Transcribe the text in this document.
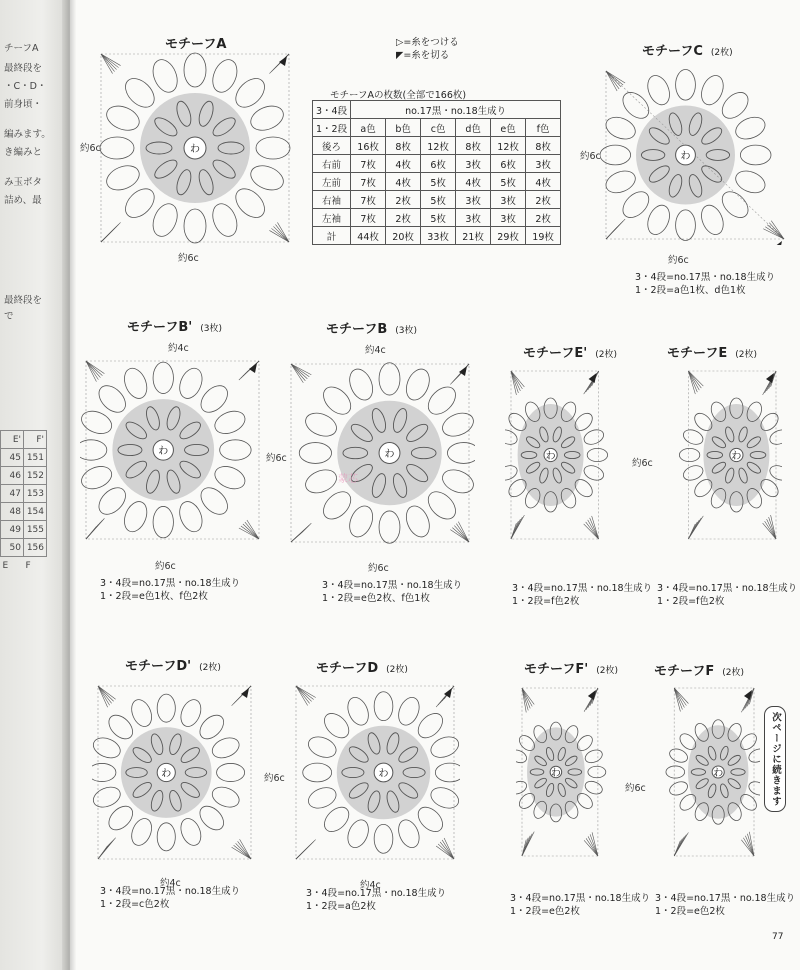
チーフA
最終段を
・C・D・
前身頃・
編みます。
き編みと
み玉ボタ
詰め、最
最終段を
で
E'	F'
45	151
46	152
47	153
48	154
49	155
50	156
E	F
▷=糸をつける
◤=糸を切る
モチーフAの枚数(全部で166枚)
3・4段	no.17黒・no.18生成り					
1・2段	a色	b色	c色	d色	e色	f色
後ろ	16枚	8枚	12枚	8枚	12枚	8枚
右前	7枚	4枚	6枚	3枚	6枚	3枚
左前	7枚	4枚	5枚	4枚	5枚	4枚
右袖	7枚	2枚	5枚	3枚	3枚	2枚
左袖	7枚	2枚	5枚	3枚	3枚	2枚
計	44枚	20枚	33枚	21枚	29枚	19枚
モチーフA
約6c
約6c
わ
モチーフC (2枚)
約6c
約6c
わ
3・4段=no.17黒・no.18生成り
1・2段=a色1枚、d色1枚
モチーフB' (3枚)
約4c
わ
約6c
3・4段=no.17黒・no.18生成り
1・2段=e色1枚、f色2枚
モチーフB (3枚)
約4c
約6c	わ
約6c
3・4段=no.17黒・no.18生成り
1・2段=e色2枚、f色1枚
蒙芯
モチーフE' (2枚)
わ
3・4段=no.17黒・no.18生成り
1・2段=f色2枚
モチーフE (2枚)
約6c
わ
3・4段=no.17黒・no.18生成り
1・2段=f色2枚
モチーフD' (2枚)
わ
約4c
3・4段=no.17黒・no.18生成り
1・2段=c色2枚
モチーフD (2枚)
約6c	わ
約4c
3・4段=no.17黒・no.18生成り
1・2段=a色2枚
モチーフF' (2枚)
わ
3・4段=no.17黒・no.18生成り
1・2段=e色2枚
モチーフF (2枚)
約6c
わ
3・4段=no.17黒・no.18生成り
1・2段=e色2枚
次ページに続きます
77
